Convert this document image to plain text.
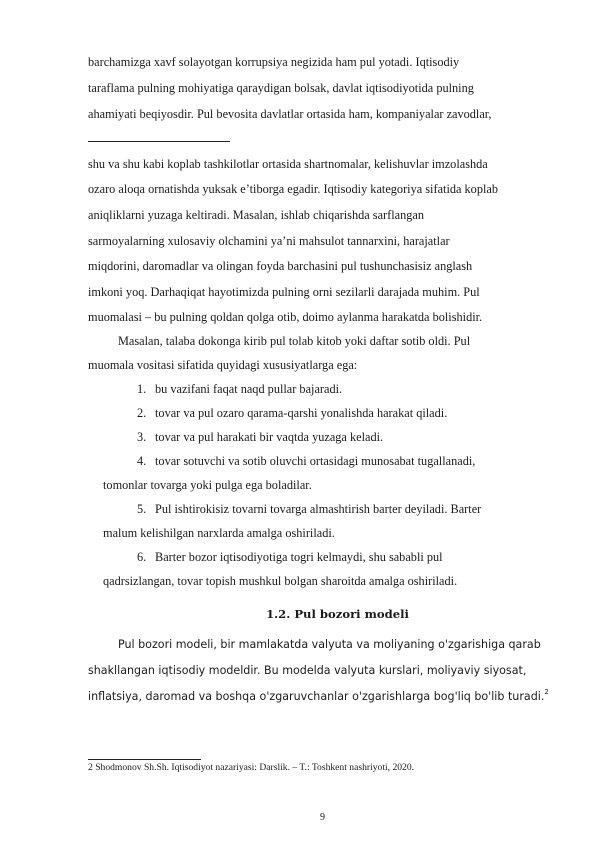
barchamizga xavf solayotgan korrupsiya negizida ham pul yotadi. Iqtisodiy
taraflama pulning mohiyatiga qaraydigan bolsak, davlat iqtisodiyotida pulning
ahamiyati beqiyosdir. Pul bevosita davlatlar ortasida ham, kompaniyalar zavodlar,
shu va shu kabi koplab tashkilotlar ortasida shartnomalar, kelishuvlar imzolashda
ozaro aloqa ornatishda yuksak e’tiborga egadir. Iqtisodiy kategoriya sifatida koplab
aniqliklarni yuzaga keltiradi. Masalan, ishlab chiqarishda sarflangan
sarmoyalarning xulosaviy olchamini ya’ni mahsulot tannarxini, harajatlar
miqdorini, daromadlar va olingan foyda barchasini pul tushunchasisiz anglash
imkoni yoq. Darhaqiqat hayotimizda pulning orni sezilarli darajada muhim. Pul
muomalasi – bu pulning qoldan qolga otib, doimo aylanma harakatda bolishidir.
Masalan, talaba dokonga kirib pul tolab kitob yoki daftar sotib oldi. Pul
muomala vositasi sifatida quyidagi xususiyatlarga ega:
1. bu vazifani faqat naqd pullar bajaradi.
2. tovar va pul ozaro qarama-qarshi yonalishda harakat qiladi.
3. tovar va pul harakati bir vaqtda yuzaga keladi.
4. tovar sotuvchi va sotib oluvchi ortasidagi munosabat tugallanadi,
tomonlar tovarga yoki pulga ega boladilar.
5. Pul ishtirokisiz tovarni tovarga almashtirish barter deyiladi. Barter
malum kelishilgan narxlarda amalga oshiriladi.
6. Barter bozor iqtisodiyotiga togri kelmaydi, shu sababli pul
qadrsizlangan, tovar topish mushkul bolgan sharoitda amalga oshiriladi.
1.2. Pul bozori modeli
Pul bozori modeli, bir mamlakatda valyuta va moliyaning o'zgarishiga qarab
shakllangan iqtisodiy modeldir. Bu modelda valyuta kurslari, moliyaviy siyosat,
inflatsiya, daromad va boshqa o'zgaruvchanlar o'zgarishlarga bog'liq bo'lib turadi.$^2$
2 Shodmonov Sh.Sh. Iqtisodiyot nazariyasi: Darslik. – T.: Toshkent nashriyoti, 2020.
9
